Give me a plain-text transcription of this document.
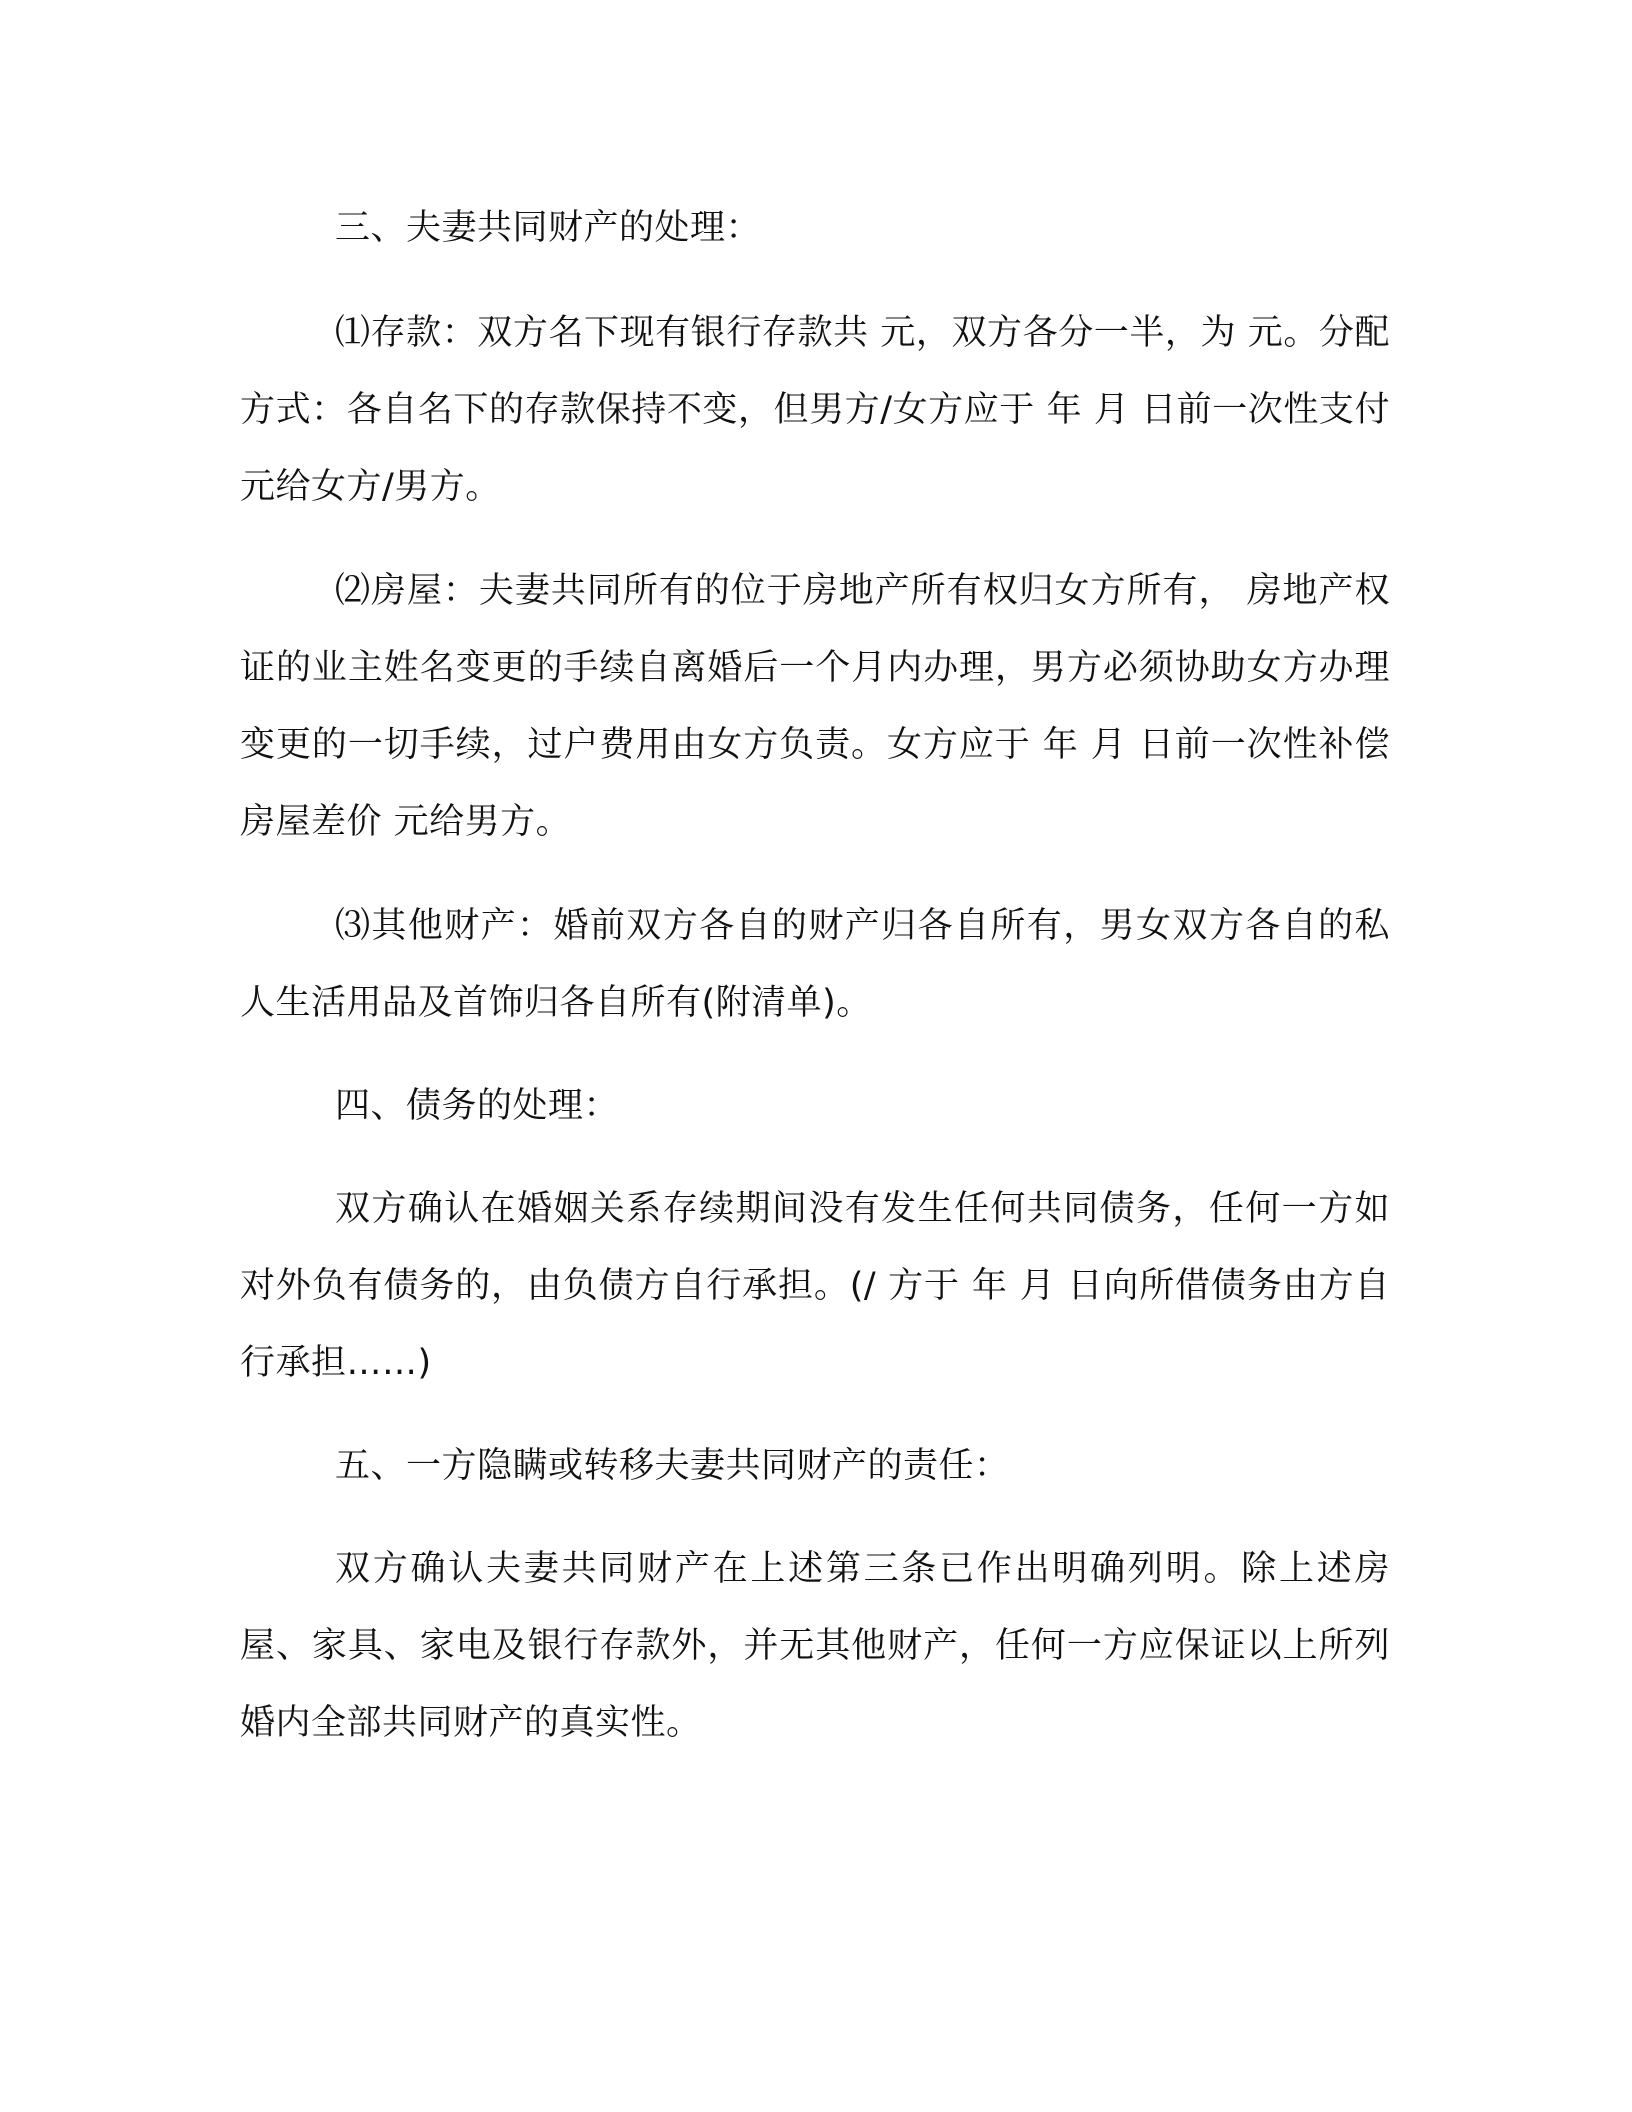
三、夫妻共同财产的处理：

⑴存款：双方名下现有银行存款共 元，双方各分一半，为 元。分配方式：各自名下的存款保持不变，但男方/女方应于 年 月 日前一次性支付 元给女方/男方。

⑵房屋：夫妻共同所有的位于房地产所有权归女方所有， 房地产权证的业主姓名变更的手续自离婚后一个月内办理，男方必须协助女方办理变更的一切手续，过户费用由女方负责。女方应于 年 月 日前一次性补偿房屋差价 元给男方。

⑶其他财产：婚前双方各自的财产归各自所有，男女双方各自的私人生活用品及首饰归各自所有(附清单)。

四、债务的处理：

双方确认在婚姻关系存续期间没有发生任何共同债务，任何一方如对外负有债务的，由负债方自行承担。(/ 方于 年 月 日向所借债务由方自行承担……)

五、一方隐瞒或转移夫妻共同财产的责任：

双方确认夫妻共同财产在上述第三条已作出明确列明。除上述房屋、家具、家电及银行存款外，并无其他财产，任何一方应保证以上所列婚内全部共同财产的真实性。
